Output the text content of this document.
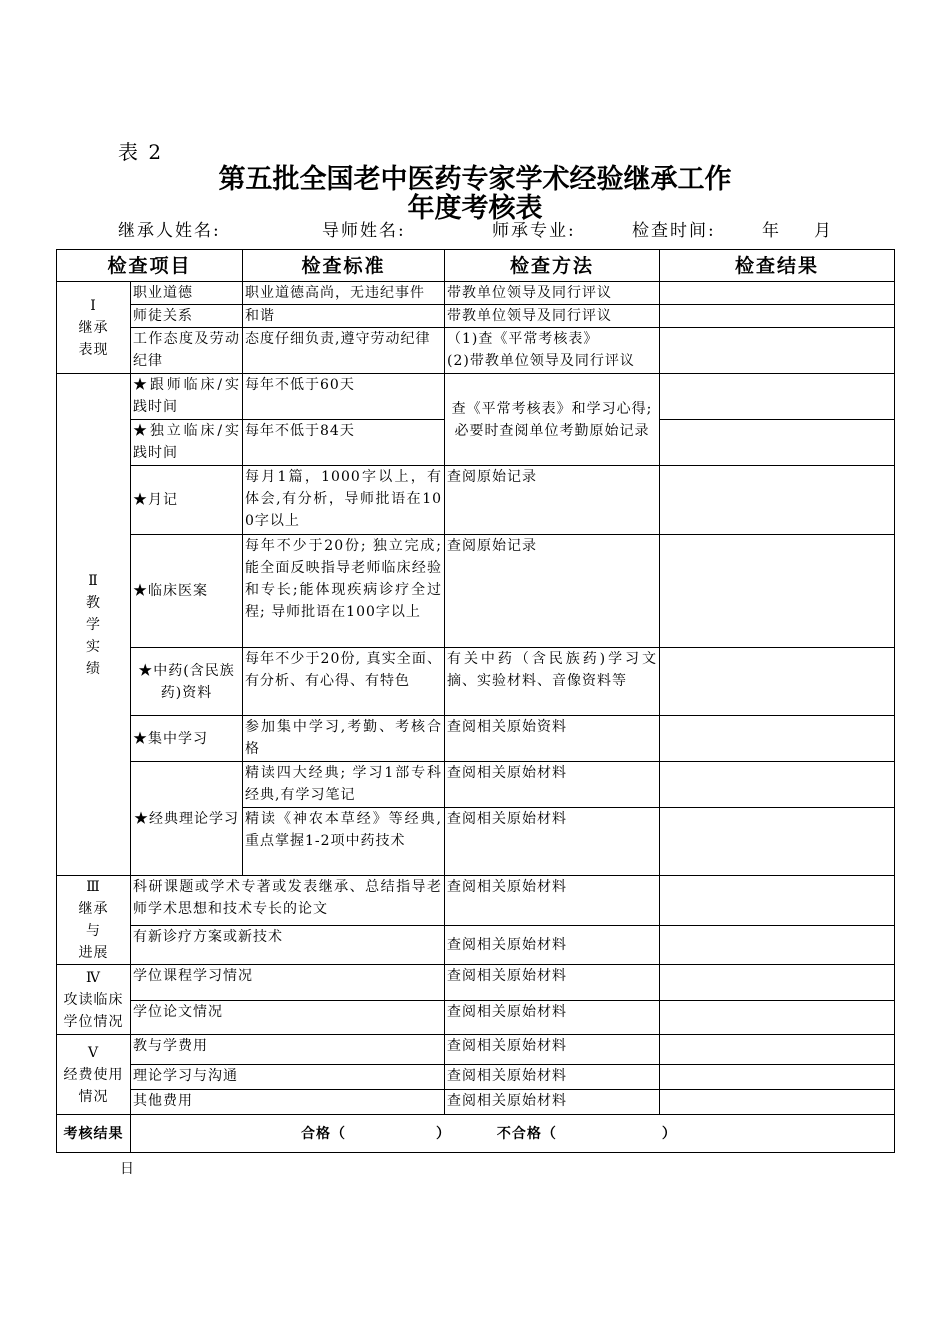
表 2
第五批全国老中医药专家学术经验继承工作
年度考核表
继承人姓名:	导师姓名:	师承专业:	检查时间:	年 月
检查项目		检查标准	检查方法	检查结果

Ⅰ
继承
表现	职业道德	职业道德高尚，无违纪事件	带教单位领导及同行评议	
	师徒关系	和谐	带教单位领导及同行评议	
	工作态度及劳动纪律	态度仔细负责,遵守劳动纪律	（1)查《平常考核表》
(2)带教单位领导及同行评议	

Ⅱ
教
学
实
绩	★跟师临床/实践时间	每年不低于60天	查《平常考核表》和学习心得;必要时查阅单位考勤原始记录	
	★独立临床/实践时间	每年不低于84天		
	★月记	每月1篇，1000字以上，有体会,有分析，导师批语在100字以上	查阅原始记录	
	★临床医案	每年不少于20份; 独立完成;能全面反映指导老师临床经验和专长;能体现疾病诊疗全过程; 导师批语在100字以上	查阅原始记录	
	★中药(含民族药)资料	每年不少于20份, 真实全面、有分析、有心得、有特色	有关中药（含民族药)学习文摘、实验材料、音像资料等	
	★集中学习	参加集中学习,考勤、考核合格	查阅相关原始资料	
	★经典理论学习	精读四大经典; 学习1部专科经典,有学习笔记	查阅相关原始材料	
		精读《神农本草经》等经典, 重点掌握1-2项中药技术	查阅相关原始材料	

Ⅲ
继承
与
进展	科研课题或学术专著或发表继承、总结指导老师学术思想和技术专长的论文		查阅相关原始材料	
	有新诊疗方案或新技术		查阅相关原始材料	

Ⅳ
攻读临床
学位情况	学位课程学习情况		查阅相关原始材料	
	学位论文情况		查阅相关原始材料	

Ⅴ
经费使用
情况	教与学费用		查阅相关原始材料	
	理论学习与沟通		查阅相关原始材料	
	其他费用		查阅相关原始材料	
考核结果	合格（　　　　　　） 不合格（　　　　　　　）			
日
